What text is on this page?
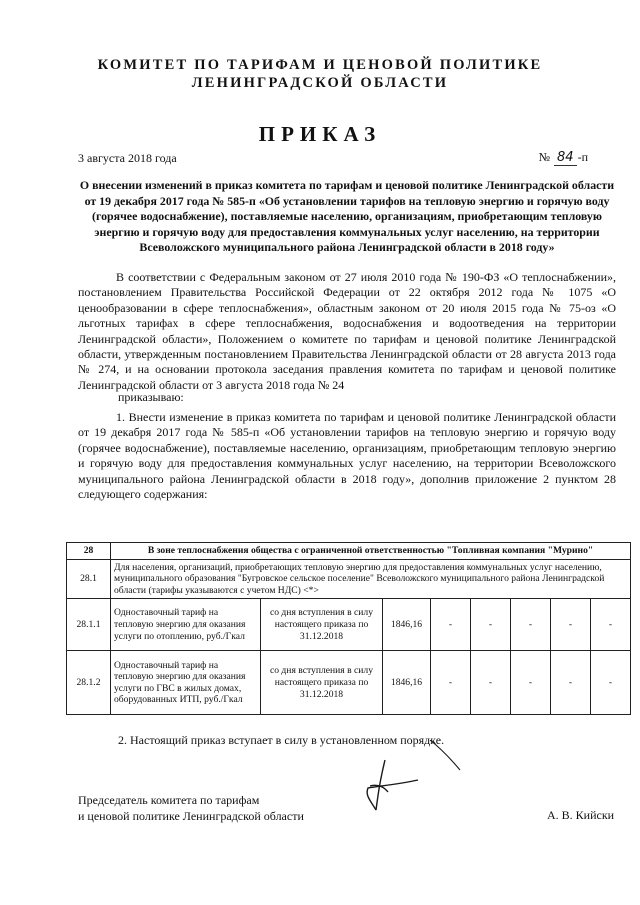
КОМИТЕТ ПО ТАРИФАМ И ЦЕНОВОЙ ПОЛИТИКЕ
ЛЕНИНГРАДСКОЙ ОБЛАСТИ
ПРИКАЗ
3 августа 2018 года	№ 84 -п
О внесении изменений в приказ комитета по тарифам и ценовой политике Ленинградской области от 19 декабря 2017 года № 585-п «Об установлении тарифов на тепловую энергию и горячую воду (горячее водоснабжение), поставляемые населению, организациям, приобретающим тепловую энергию и горячую воду для предоставления коммунальных услуг населению, на территории Всеволожского муниципального района Ленинградской области в 2018 году»
В соответствии с Федеральным законом от 27 июля 2010 года № 190-ФЗ «О теплоснабжении», постановлением Правительства Российской Федерации от 22 октября 2012 года № 1075 «О ценообразовании в сфере теплоснабжения», областным законом от 20 июля 2015 года № 75-оз «О льготных тарифах в сфере теплоснабжения, водоснабжения и водоотведения на территории Ленинградской области», Положением о комитете по тарифам и ценовой политике Ленинградской области, утвержденным постановлением Правительства Ленинградской области от 28 августа 2013 года № 274, и на основании протокола заседания правления комитета по тарифам и ценовой политике Ленинградской области от 3 августа 2018 года № 24
приказываю:
1. Внести изменение в приказ комитета по тарифам и ценовой политике Ленинградской области от 19 декабря 2017 года № 585-п «Об установлении тарифов на тепловую энергию и горячую воду (горячее водоснабжение), поставляемые населению, организациям, приобретающим тепловую энергию и горячую воду для предоставления коммунальных услуг населению, на территории Всеволожского муниципального района Ленинградской области в 2018 году», дополнив приложение 2 пунктом 28 следующего содержания:
28	В зоне теплоснабжения общества с ограниченной ответственностью "Топливная компания "Мурино"							
28.1	Для населения, организаций, приобретающих тепловую энергию для предоставления коммунальных услуг населению, муниципального образования "Бугровское сельское поселение" Всеволожского муниципального района Ленинградской области (тарифы указываются с учетом НДС) <*>							
28.1.1	Одноставочный тариф на тепловую энергию для оказания услуги по отоплению, руб./Гкал	со дня вступления в силу настоящего приказа по 31.12.2018	1846,16	-	-	-	-	-
28.1.2	Одноставочный тариф на тепловую энергию для оказания услуги по ГВС в жилых домах, оборудованных ИТП, руб./Гкал	со дня вступления в силу настоящего приказа по 31.12.2018	1846,16	-	-	-	-	-
2. Настоящий приказ вступает в силу в установленном порядке.
Председатель комитета по тарифам
и ценовой политике Ленинградской области	А. В. Кийски
